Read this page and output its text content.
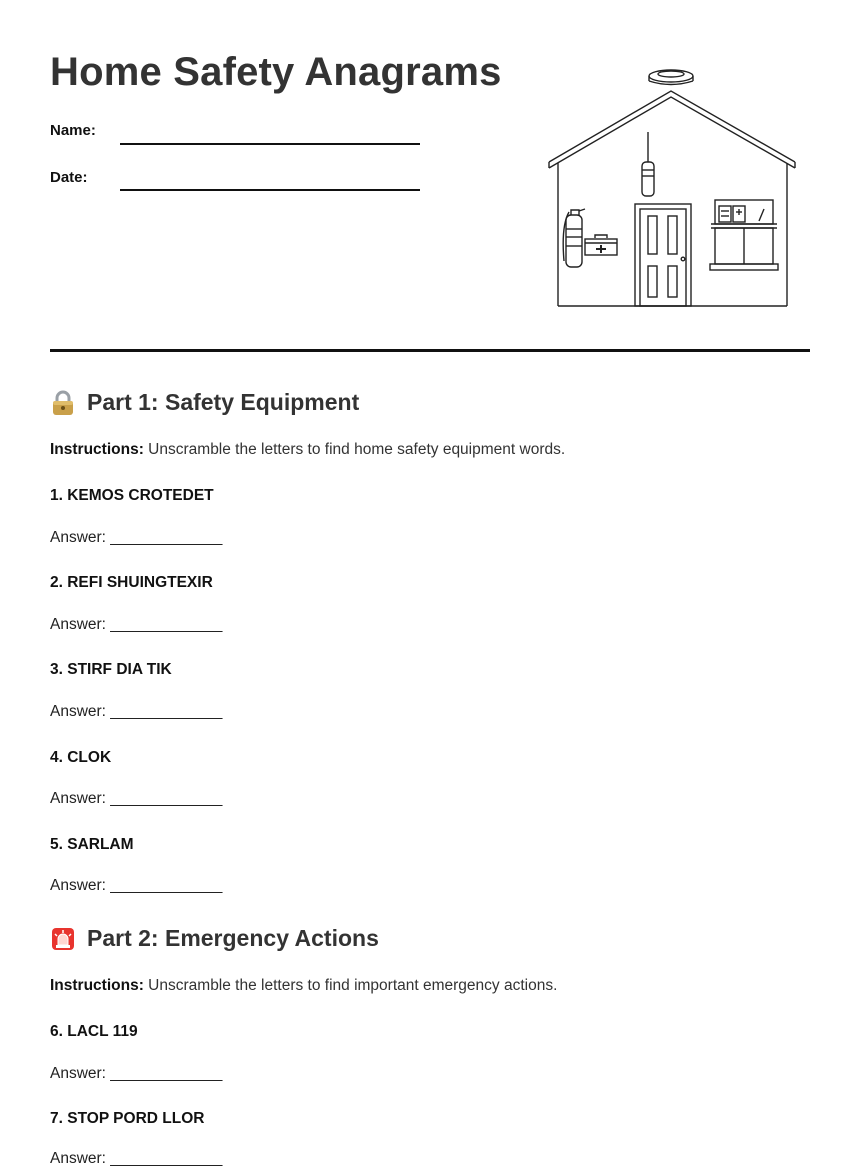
Home Safety Anagrams
Name:
Date:
Part 1: Safety Equipment
Instructions: Unscramble the letters to find home safety equipment words.
1. KEMOS CROTEDET
Answer: _____________
2. REFI SHUINGTEXIR
Answer: _____________
3. STIRF DIA TIK
Answer: _____________
4. CLOK
Answer: _____________
5. SARLAM
Answer: _____________
Part 2: Emergency Actions
Instructions: Unscramble the letters to find important emergency actions.
6. LACL 119
Answer: _____________
7. STOP PORD LLOR
Answer: _____________
